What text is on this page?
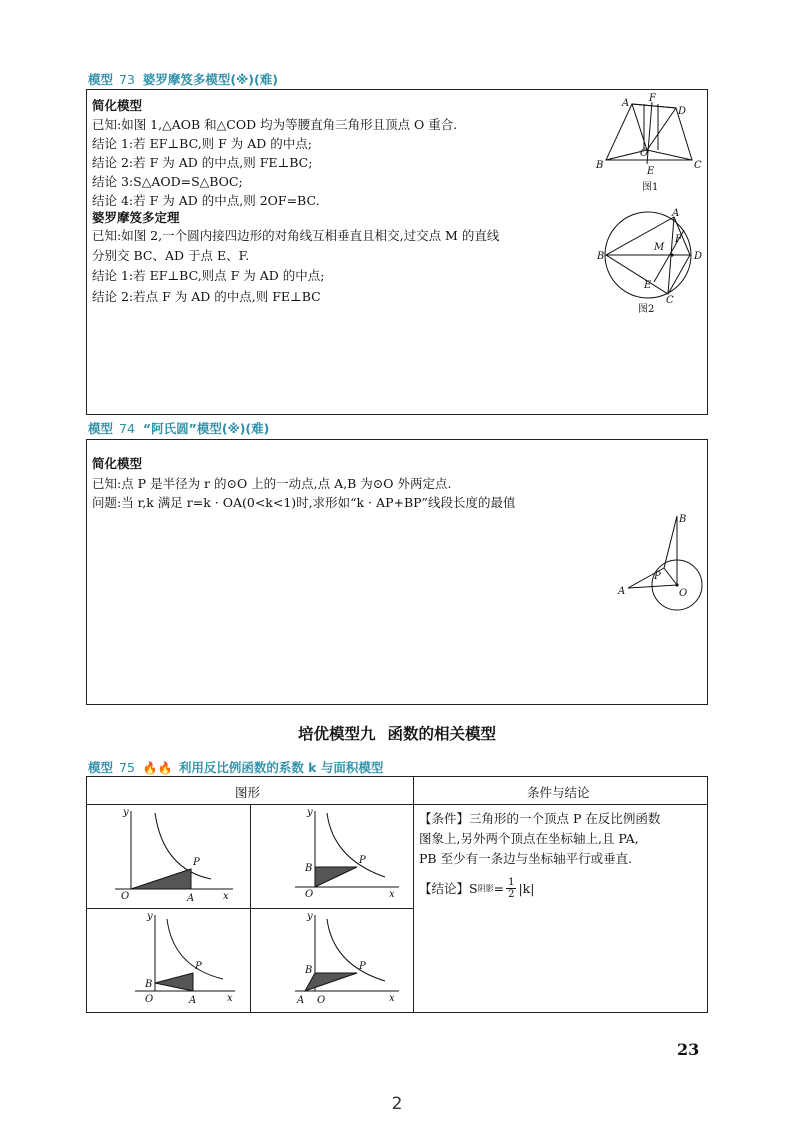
模型 73 婆罗摩笈多模型(※)(难)
简化模型
已知:如图 1,△AOB 和△COD 均为等腰直角三角形且顶点 O 重合.
结论 1:若 EF⊥BC,则 F 为 AD 的中点;
结论 2:若 F 为 AD 的中点,则 FE⊥BC;
结论 3:S△AOD=S△BOC;
结论 4:若 F 为 AD 的中点,则 2OF=BC.
婆罗摩笈多定理
已知:如图 2,一个圆内接四边形的对角线互相垂直且相交,过交点 M 的直线
分别交 BC、AD 于点 E、F.
结论 1:若 EF⊥BC,则点 F 为 AD 的中点;
结论 2:若点 F 为 AD 的中点,则 FE⊥BC
A F
D
O
B
E
C
图1
A
B
M
F
D
E
C
图2
模型 74 “阿氏圆”模型(※)(难)
简化模型
已知:点 P 是半径为 r 的⊙O 上的一动点,点 A,B 为⊙O 外两定点.
问题:当 r,k 满足 r=k · OA(0<k<1)时,求形如“k · AP+BP”线段长度的最值
B
P
A	O
培优模型九 函数的相关模型
模型 75 🔥🔥 利用反比例函数的系数 k 与面积模型
图形	条件与结论
【条件】三角形的一个顶点 P 在反比例函数
图象上,另外两个顶点在坐标轴上,且 PA,
PB 至少有一条边与坐标轴平行或垂直.
【结论】S 阴影 = $\frac{1}{2} |k|$
y
P
O	A	x
y
B
P
O	x
y
P
B
O	A	x
y
B	P
A O	x
23
2
